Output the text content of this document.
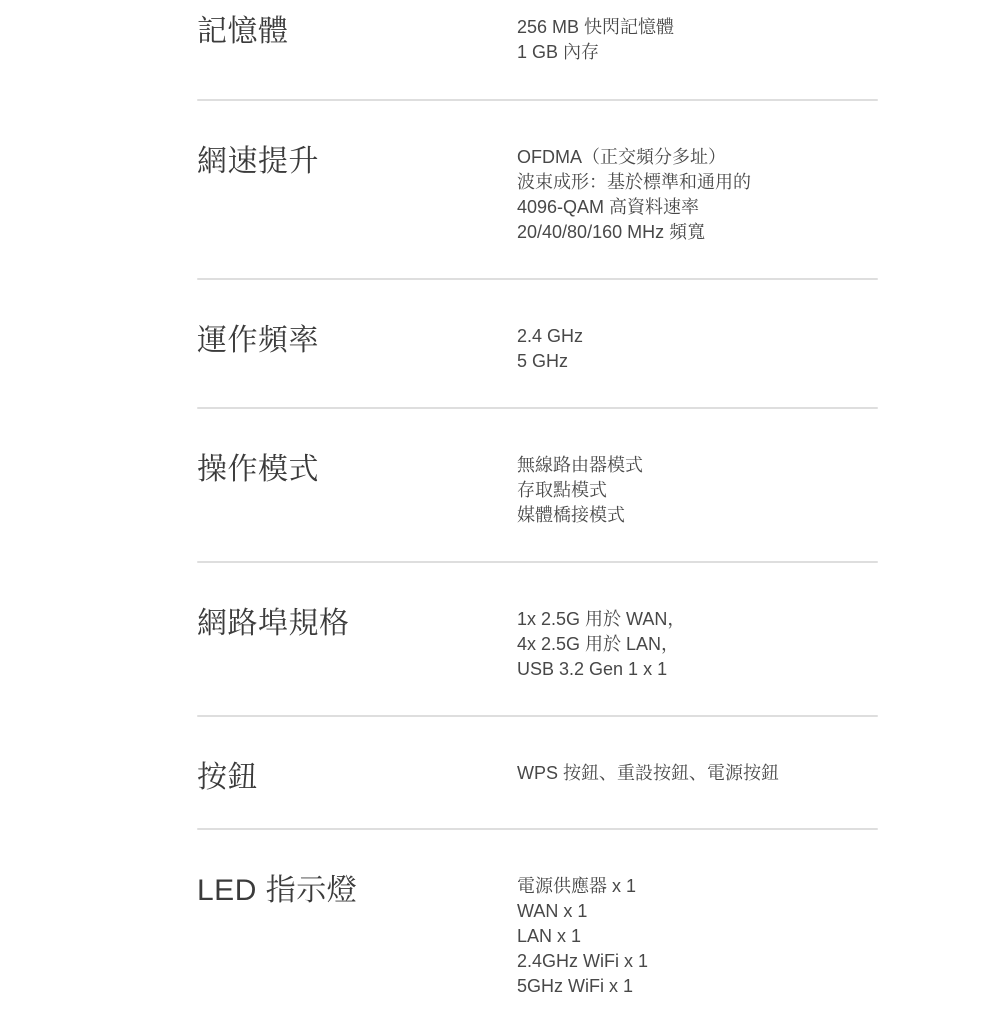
記憶體	256 MB 快閃記憶體
1 GB 內存
網速提升	OFDMA（正交頻分多址）
波束成形：基於標準和通用的
4096-QAM 高資料速率
20/40/80/160 MHz 頻寬
運作頻率	2.4 GHz
5 GHz
操作模式	無線路由器模式
存取點模式
媒體橋接模式
網路埠規格	1x 2.5G 用於 WAN，
4x 2.5G 用於 LAN，
USB 3.2 Gen 1 x 1
按鈕	WPS 按鈕、重設按鈕、電源按鈕
LED 指示燈	電源供應器 x 1
WAN x 1
LAN x 1
2.4GHz WiFi x 1
5GHz WiFi x 1
